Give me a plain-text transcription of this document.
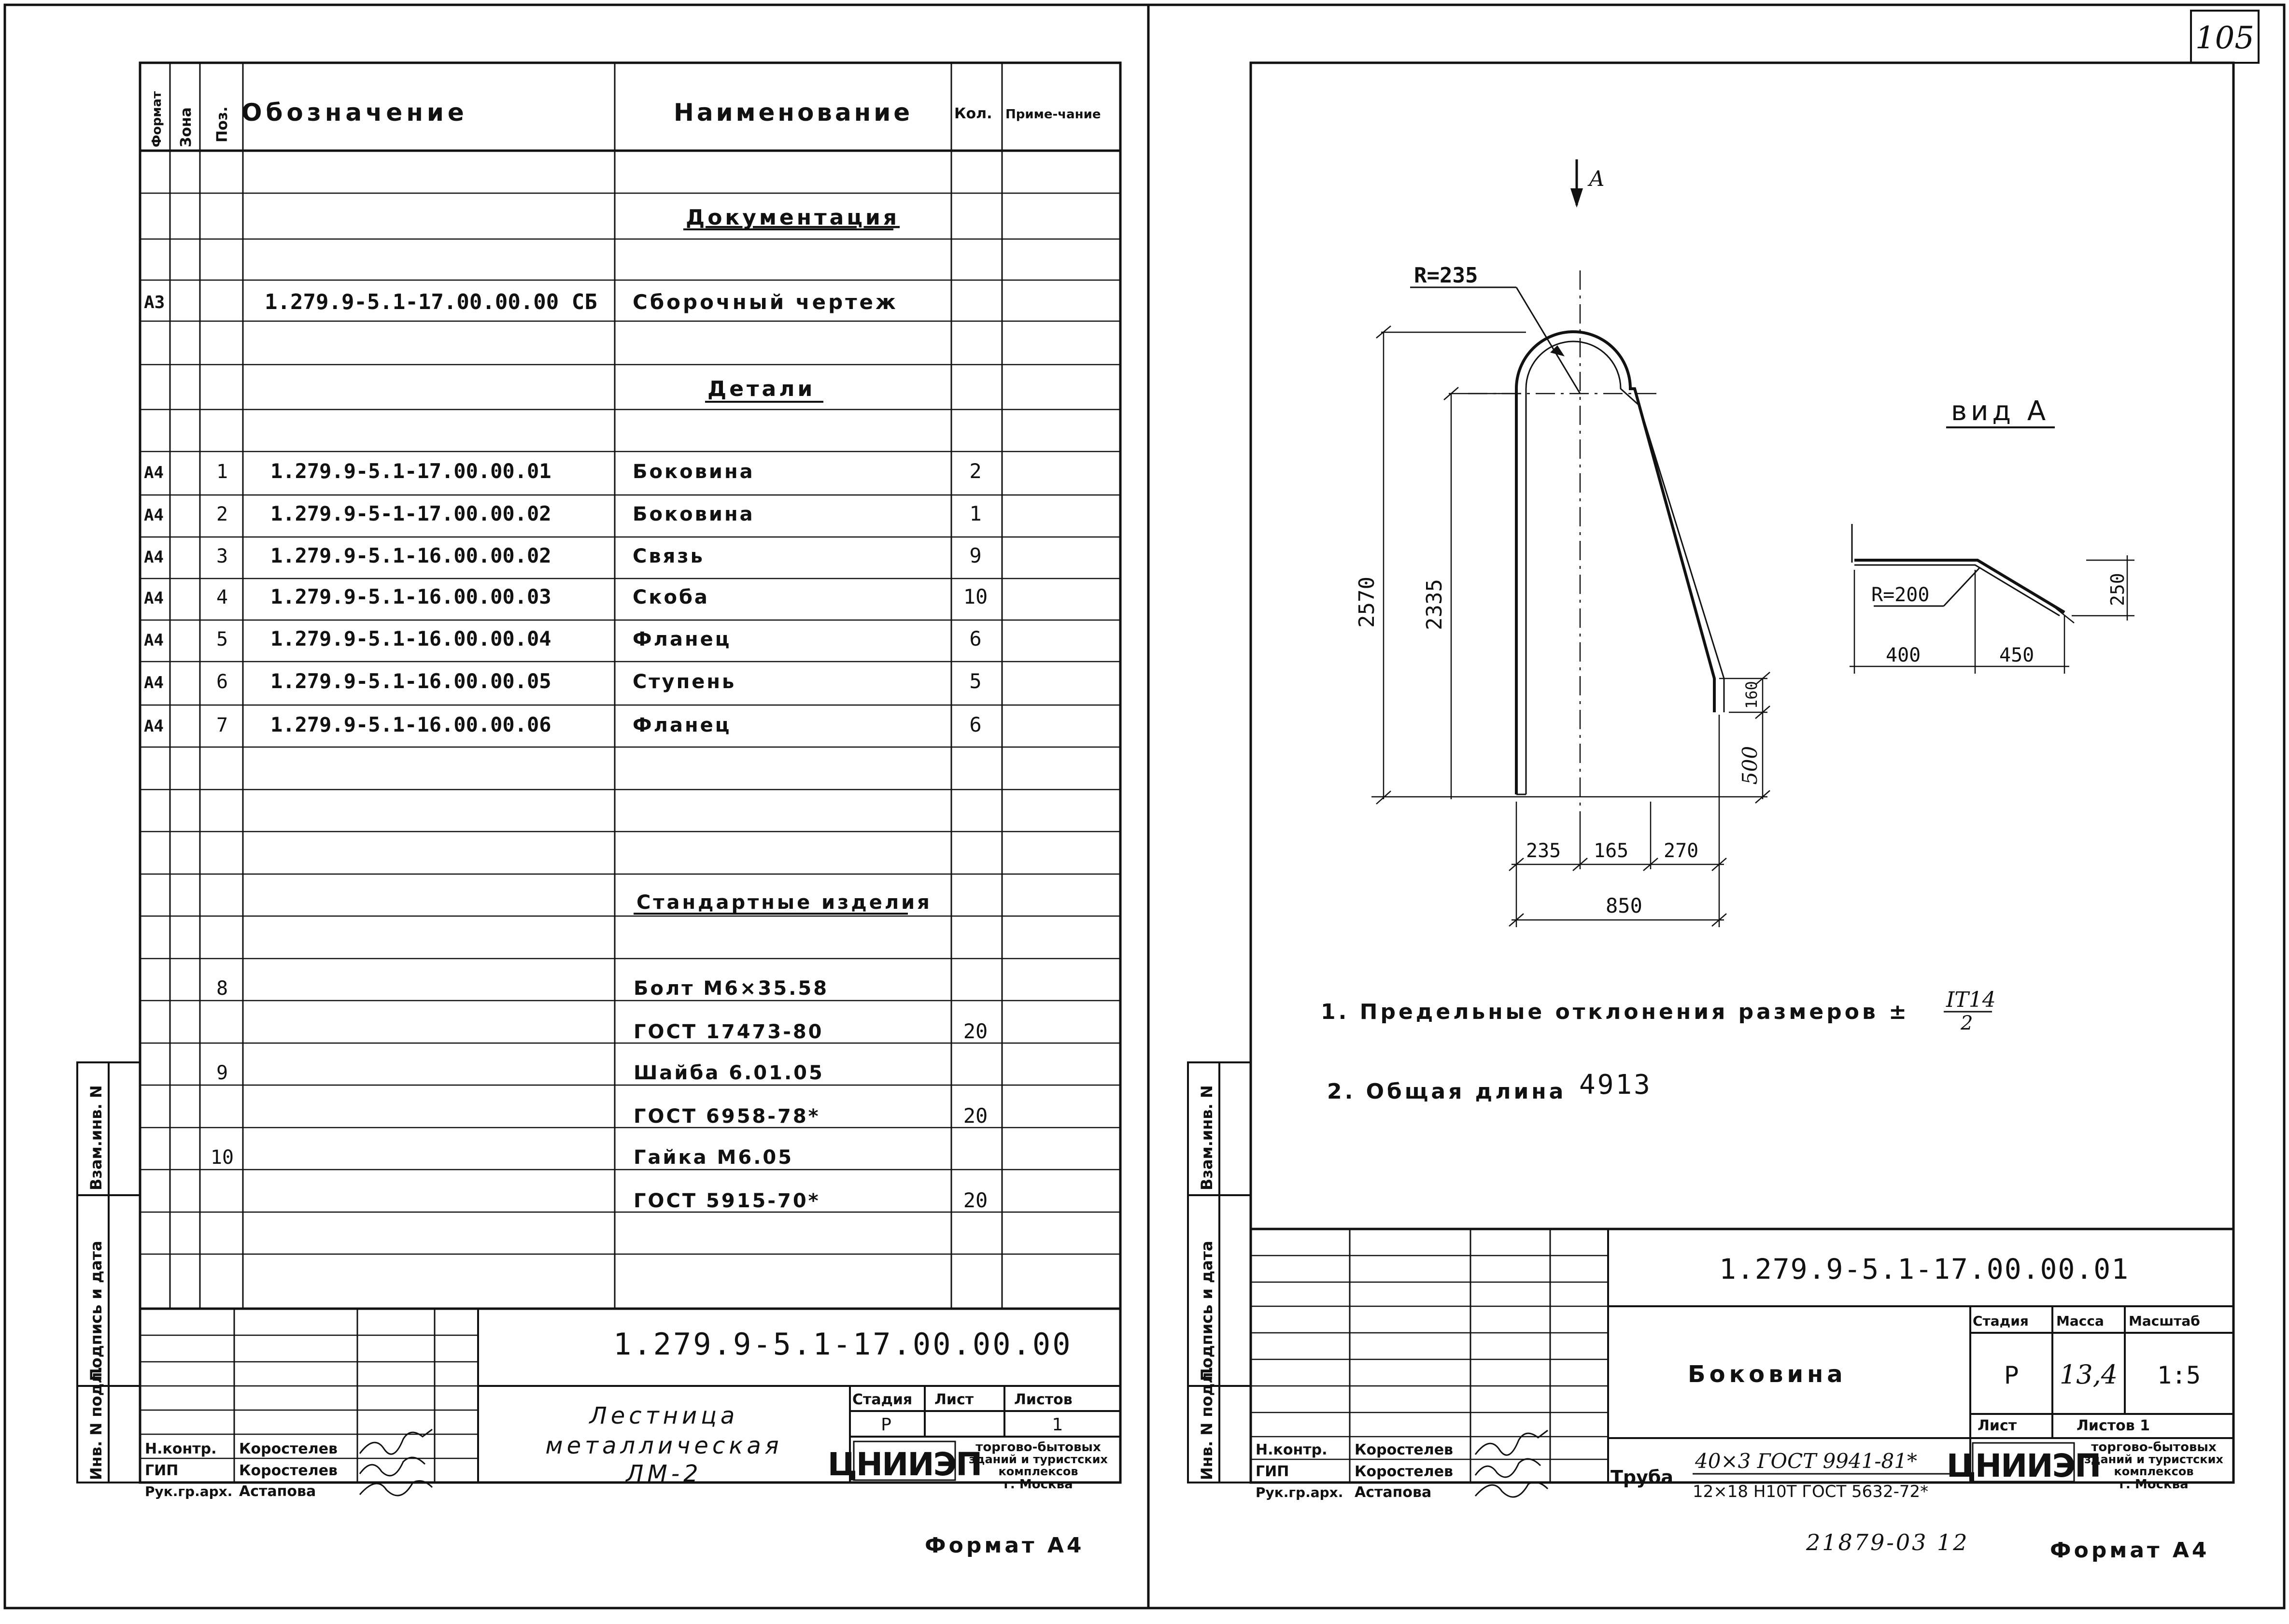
105
Формат Зона Поз. Обозначение	Наименование	Кол. Приме-чание
Документация
А3	1.279.9-5.1-17.00.00.00 СБ Сборочный чертеж
Детали
А4	1 1.279.9-5.1-17.00.00.01	Боковина	2
А4	2 1.279.9-5-1-17.00.00.02	Боковина	1
А4	3 1.279.9-5.1-16.00.00.02	Связь	9
А4	4 1.279.9-5.1-16.00.00.03	Скоба	10
А4	5 1.279.9-5.1-16.00.00.04	Фланец	6
А4	6 1.279.9-5.1-16.00.00.05	Ступень	5
А4	7 1.279.9-5.1-16.00.00.06	Фланец	6
Стандартные изделия
8	Болт М6×35.58
ГОСТ 17473-80	20
9	Шайба 6.01.05
ГОСТ 6958-78*	20
10	Гайка М6.05
ГОСТ 5915-70*	20
Взам.инв. N
Подпись и дата
Инв. N подл.
1.279.9-5.1-17.00.00.00
Лестница
металлическая
ЛМ-2
Стадия Лист	Листов
Р	1
Н.контр. Коростелев
ГИП	Коростелев
Рук.гр.арх. Астапова
ЦНИИЭП
торгово-бытовых
зданий и туристских
комплексов
г. Москва
Формат А4
R=235
А
2570 2335
160
500
235 165 270
850
вид А
R=200
400	450
250
1. Предельные отклонения размеров ± IT14
2
2. Общая длина 4913
Взам.инв. N
Подпись и дата
Инв. N подл.
1.279.9-5.1-17.00.00.01
Боковина
Стадия Масса Масштаб
Р 13,4 1:5
Лист	Листов 1
Труба
40×3 ГОСТ 9941-81*
12×18 Н10Т ГОСТ 5632-72*
Н.контр. Коростелев
ГИП	Коростелев
Рук.гр.арх. Астапова
ЦНИИЭП
торгово-бытовых
зданий и туристских
комплексов
г. Москва
21879-03 12	Формат А4
